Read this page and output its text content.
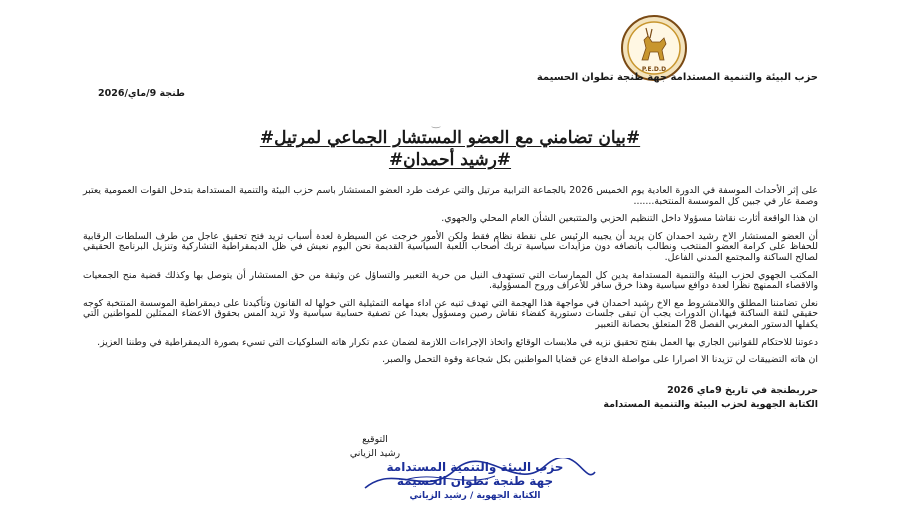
P.E.D.D
حزب البيئة والتنمية المستدامة جهة طنجة تطوان الحسيمة
طنجة 9/ماي/2026
‿
#بيان تضامني مع العضو المستشار الجماعي لمرتيل#
#رشيد أحمدان#

على إثر الأحداث الموسفة في الدورة العادية يوم الخميس 2026 بالجماعة الترابية مرتيل والتي عرفت طرد العضو المستشار باسم حزب البيئة والتنمية المستدامة بتدخل القوات العمومية يعتبر وصمة عار في جبين كل الموسسة المنتخبة.......

ان هذا الواقعة أثارت نقاشا مسؤولا داخل التنظيم الحزبي والمتتبعين الشأن العام المحلي والجهوي.

أن العضو المستشار الاخ رشيد احمدان كان يريد أن يجيبه الرئيس على نقطة نظام فقط ولكن الأمور خرجت عن السيطرة لعدة أسباب تريد فتح تحقيق عاجل من طرف السلطات الرقابية للحفاظ على كرامة العضو المنتخب ونطالب بانصافه دون مزايدات سياسية تربك أصحاب اللعبة السياسية القديمة نحن اليوم نعيش في ظل الديمقراطية التشاركية وتنزيل البرنامج الحقيقي لصالح الساكنة والمجتمع المدني الفاعل.

المكتب الجهوي لحزب البيئة والتنمية المستدامة يدين كل الممارسات التي تستهدف النيل من حرية التعبير والتساؤل عن وثيقة من حق المستشار أن يتوصل بها وكذلك قضية منح الجمعيات والاقصاء الممنهج نظرا لعدة دوافع سياسية وهذا خرق سافر للأعراف وروح المسؤولية.

نعلن تضامننا المطلق واللامشروط مع الاخ رشيد احمدان في مواجهة هذا الهجمة التي تهدف ثنيه عن اداء مهامه التمثيلية التي خولها له القانون وتأكيدنا على ديمقراطية الموسسة المنتخبة كوجه حقيقي لثقة الساكنة فيها،ان الدورات يجب أن تبقى جلسات دستورية كفضاء نقاش رصين ومسؤول بعيدا عن تصفية حسابية سياسية ولا تريد المس بحقوق الاعضاء الممثلين للمواطنين التي يكفلها الدستور المغربي الفصل 28 المتعلق بحصانة التعبير

دعوتنا للاحتكام للقوانين الجاري بها العمل بفتح تحقيق نزيه في ملابسات الوقائع واتخاذ الإجراءات اللازمة لضمان عدم تكرار هاته السلوكيات التي تسيء بصورة الديمقراطية في وطننا العزيز.

ان هاته التضييقات لن تزيدنا الا اصرارا على مواصلة الدفاع عن قضايا المواطنين بكل شجاعة وقوة التحمل والصبر.

حرربطنجة في تاريخ 9ماي 2026
الكتابة الجهوية لحزب البيئة والتنمية المستدامة
التوقيع
رشيد الزياني
حزب البيئة والتنمية المستدامة
جهة طنجة تطوان الحسيمة
الكتابة الجهوية / رشيد الزياني
